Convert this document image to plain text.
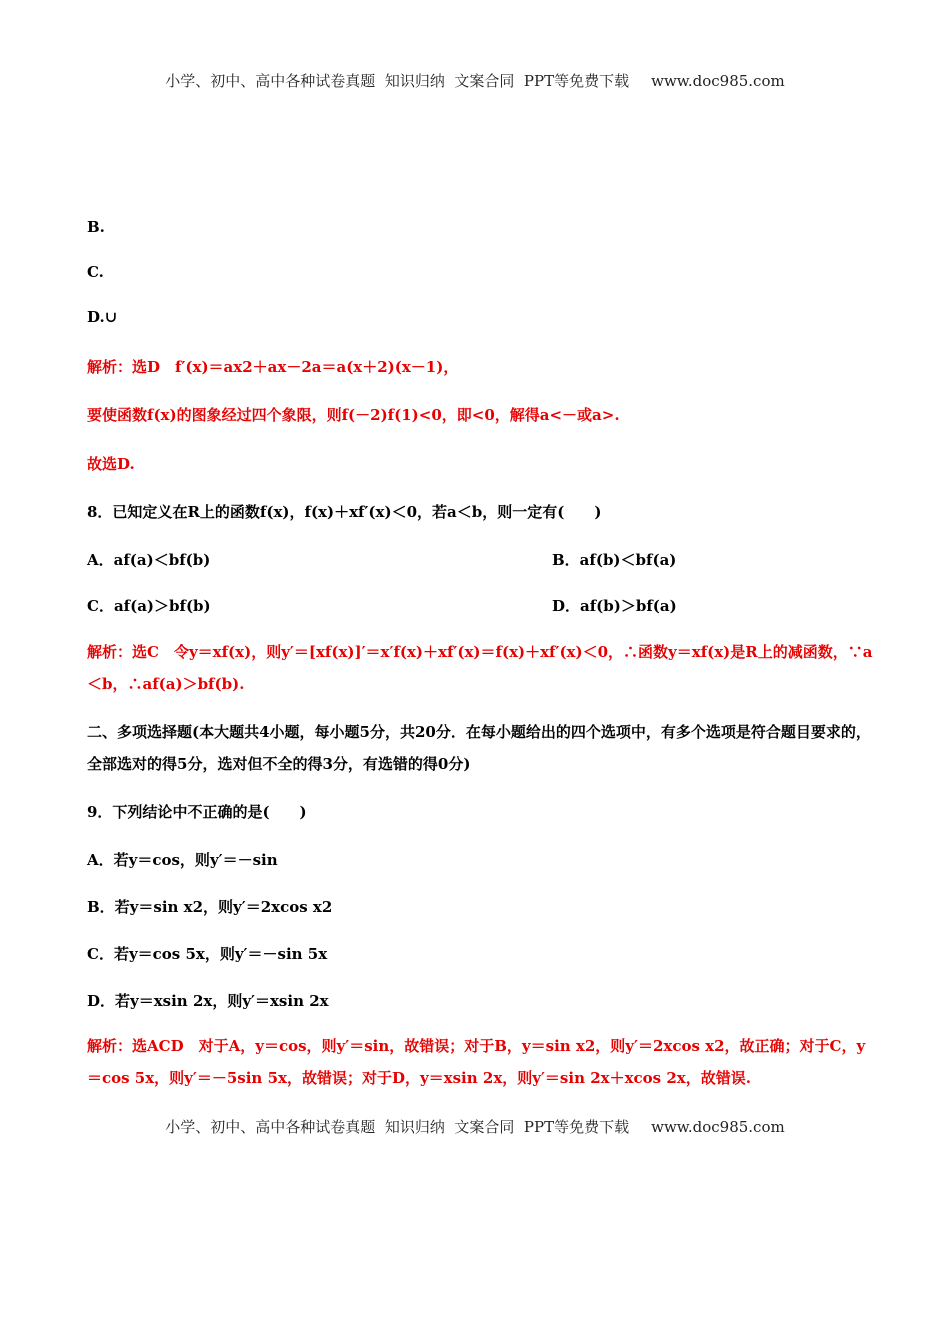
小学、初中、高中各种试卷真题  知识归纳  文案合同  PPT等免费下载 www.doc985.com
B.
C.
D.∪
解析：选D　f′(x)＝ax2＋ax－2a＝a(x＋2)(x－1)，
要使函数f(x)的图象经过四个象限，则f(－2)f(1)<0，即<0，解得a<－或a>.
故选D.
8．已知定义在R上的函数f(x)，f(x)＋xf′(x)＜0，若a＜b，则一定有(　　)
A．af(a)＜bf(b)	B．af(b)＜bf(a)
C．af(a)＞bf(b)	D．af(b)＞bf(a)
解析：选C　令y＝xf(x)，则y′＝[xf(x)]′＝x′f(x)＋xf′(x)＝f(x)＋xf′(x)＜0，∴函数y＝xf(x)是R上的减函数，∵a＜b，∴af(a)＞bf(b).
二、多项选择题(本大题共4小题，每小题5分，共20分．在每小题给出的四个选项中，有多个选项是符合题目要求的，全部选对的得5分，选对但不全的得3分，有选错的得0分)
9．下列结论中不正确的是(　　)
A．若y＝cos，则y′＝－sin
B．若y＝sin x2，则y′＝2xcos x2
C．若y＝cos 5x，则y′＝－sin 5x
D．若y＝xsin 2x，则y′＝xsin 2x
解析：选ACD　对于A，y＝cos，则y′＝sin，故错误；对于B，y＝sin x2，则y′＝2xcos x2，故正确；对于C，y＝cos 5x，则y′＝－5sin 5x，故错误；对于D，y＝xsin 2x，则y′＝sin 2x＋xcos 2x，故错误.
小学、初中、高中各种试卷真题  知识归纳  文案合同  PPT等免费下载 www.doc985.com
